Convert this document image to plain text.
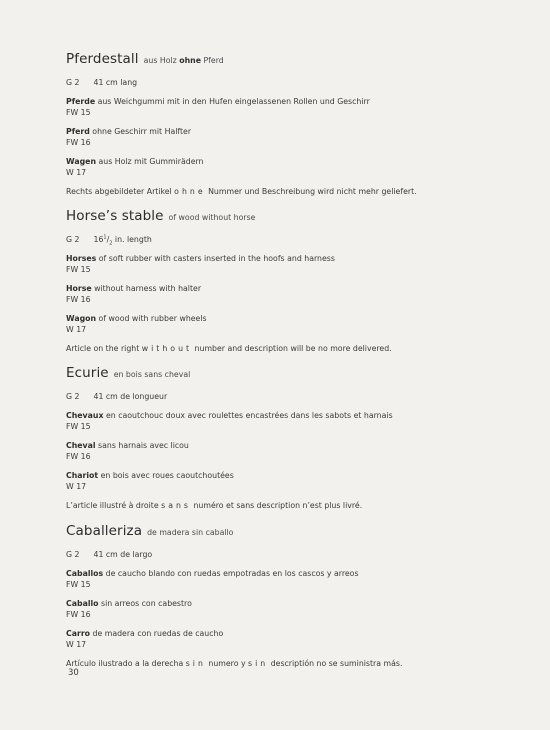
Pferdestall aus Holz ohne Pferd
G 2 41 cm lang
Pferde aus Weichgummi mit in den Hufen eingelassenen Rollen und Geschirr
FW 15
Pferd ohne Geschirr mit Halfter
FW 16
Wagen aus Holz mit Gummirädern
W 17
Rechts abgebildeter Artikel ohne Nummer und Beschreibung wird nicht mehr geliefert.
Horse’s stable of wood without horse
G 2 $16^1/_2$ in. length
Horses of soft rubber with casters inserted in the hoofs and harness
FW 15
Horse without harness with halter
FW 16
Wagon of wood with rubber wheels
W 17
Article on the right without number and description will be no more delivered.
Ecurie en bois sans cheval
G 2 41 cm de longueur
Chevaux en caoutchouc doux avec roulettes encastrées dans les sabots et harnais
FW 15
Cheval sans harnais avec licou
FW 16
Chariot en bois avec roues caoutchoutées
W 17
L’article illustré à droite sans numéro et sans description n’est plus livré.
Caballeriza de madera sin caballo
G 2 41 cm de largo
Caballos de caucho blando con ruedas empotradas en los cascos y arreos
FW 15
Caballo sin arreos con cabestro
FW 16
Carro de madera con ruedas de caucho
W 17
Artículo ilustrado a la derecha sin numero y sin descriptión no se suministra más.
30
